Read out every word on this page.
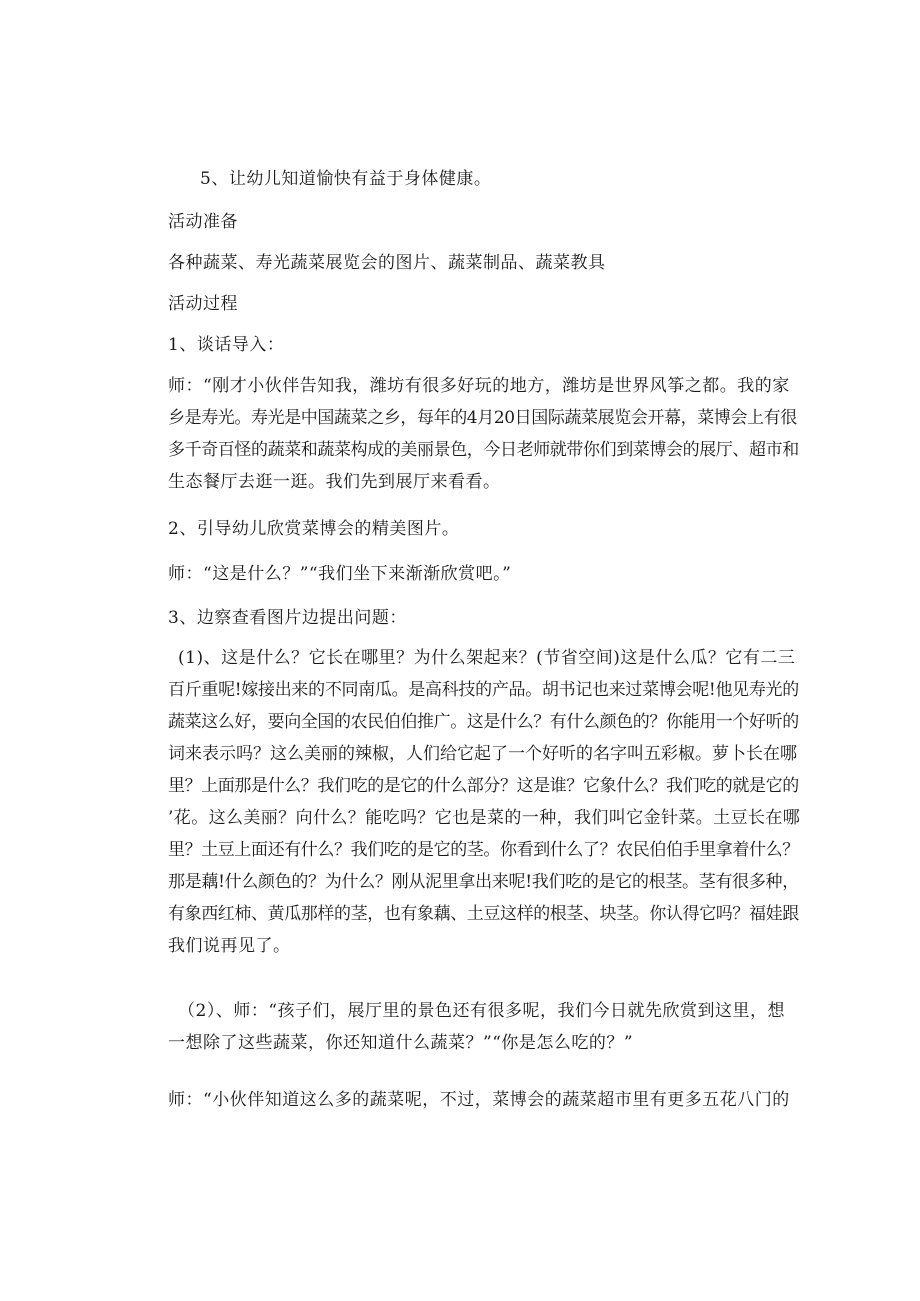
5、让幼儿知道愉快有益于身体健康。
活动准备
各种蔬菜、寿光蔬菜展览会的图片、蔬菜制品、蔬菜教具
活动过程
1、谈话导入：
师：“刚才小伙伴告知我，潍坊有很多好玩的地方，潍坊是世界风筝之都。我的家
乡是寿光。寿光是中国蔬菜之乡，每年的4月20日国际蔬菜展览会开幕，菜博会上有很
多千奇百怪的蔬菜和蔬菜构成的美丽景色，今日老师就带你们到菜博会的展厅、超市和
生态餐厅去逛一逛。我们先到展厅来看看。
2、引导幼儿欣赏菜博会的精美图片。
师：“这是什么？”“我们坐下来渐渐欣赏吧。”
3、边察查看图片边提出问题：
(1)、这是什么？它长在哪里？为什么架起来？(节省空间)这是什么瓜？它有二三
百斤重呢!嫁接出来的不同南瓜。是高科技的产品。胡书记也来过菜博会呢!他见寿光的
蔬菜这么好，要向全国的农民伯伯推广。这是什么？有什么颜色的？你能用一个好听的
词来表示吗？这么美丽的辣椒，人们给它起了一个好听的名字叫五彩椒。萝卜长在哪
里？上面那是什么？我们吃的是它的什么部分？这是谁？它象什么？我们吃的就是它的
’花。这么美丽？向什么？能吃吗？它也是菜的一种，我们叫它金针菜。土豆长在哪
里？土豆上面还有什么？我们吃的是它的茎。你看到什么了？农民伯伯手里拿着什么？
那是藕!什么颜色的？为什么？刚从泥里拿出来呢!我们吃的是它的根茎。茎有很多种，
有象西红柿、黄瓜那样的茎，也有象藕、土豆这样的根茎、块茎。你认得它吗？福娃跟
我们说再见了。
（2）、师：“孩子们，展厅里的景色还有很多呢，我们今日就先欣赏到这里，想
一想除了这些蔬菜，你还知道什么蔬菜？”“你是怎么吃的？”
师：“小伙伴知道这么多的蔬菜呢，不过，菜博会的蔬菜超市里有更多五花八门的
